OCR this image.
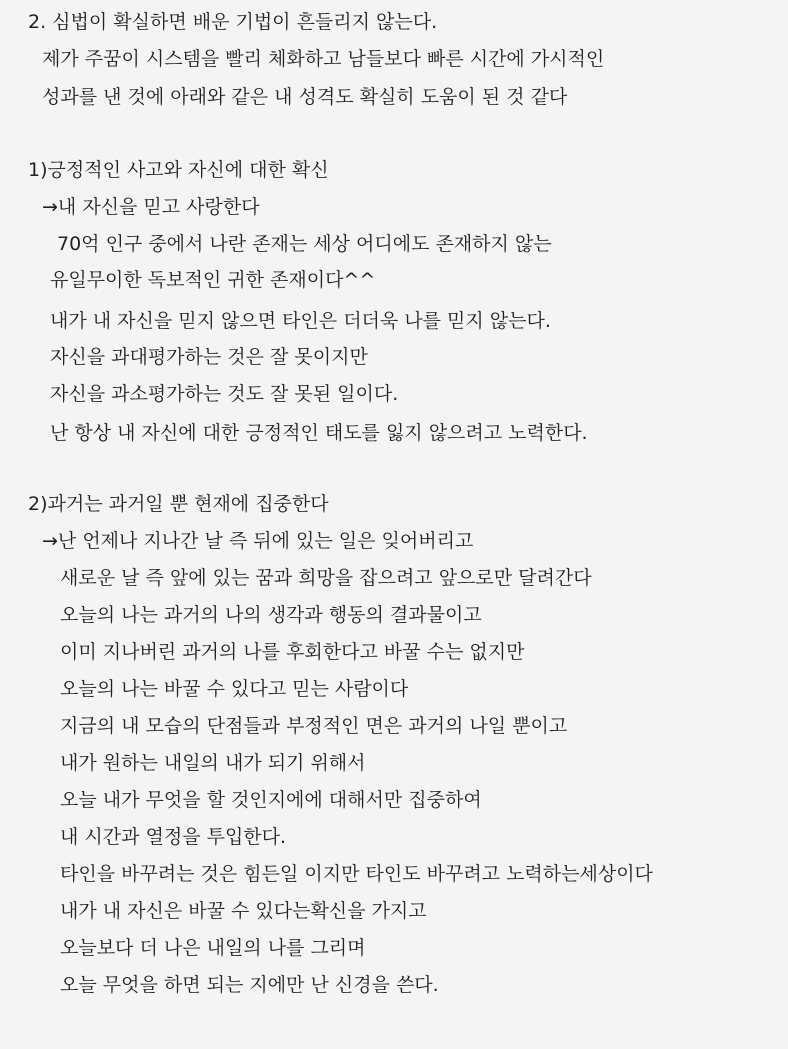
2. 심법이 확실하면 배운 기법이 흔들리지 않는다.
제가 주꿈이 시스템을 빨리 체화하고 남들보다 빠른 시간에 가시적인
성과를 낸 것에 아래와 같은 내 성격도 확실히 도움이 된 것 같다
1)긍정적인 사고와 자신에 대한 확신
→내 자신을 믿고 사랑한다
70억 인구 중에서 나란 존재는 세상 어디에도 존재하지 않는
유일무이한 독보적인 귀한 존재이다^^
내가 내 자신을 믿지 않으면 타인은 더더욱 나를 믿지 않는다.
자신을 과대평가하는 것은 잘 못이지만
자신을 과소평가하는 것도 잘 못된 일이다.
난 항상 내 자신에 대한 긍정적인 태도를 잃지 않으려고 노력한다.
2)과거는 과거일 뿐 현재에 집중한다
→난 언제나 지나간 날 즉 뒤에 있는 일은 잊어버리고
새로운 날 즉 앞에 있는 꿈과 희망을 잡으려고 앞으로만 달려간다
오늘의 나는 과거의 나의 생각과 행동의 결과물이고
이미 지나버린 과거의 나를 후회한다고 바꿀 수는 없지만
오늘의 나는 바꿀 수 있다고 믿는 사람이다
지금의 내 모습의 단점들과 부정적인 면은 과거의 나일 뿐이고
내가 원하는 내일의 내가 되기 위해서
오늘 내가 무엇을 할 것인지에에 대해서만 집중하여
내 시간과 열정을 투입한다.
타인을 바꾸려는 것은 힘든일 이지만 타인도 바꾸려고 노력하는세상이다
내가 내 자신은 바꿀 수 있다는확신을 가지고
오늘보다 더 나은 내일의 나를 그리며
오늘 무엇을 하면 되는 지에만 난 신경을 쓴다.
